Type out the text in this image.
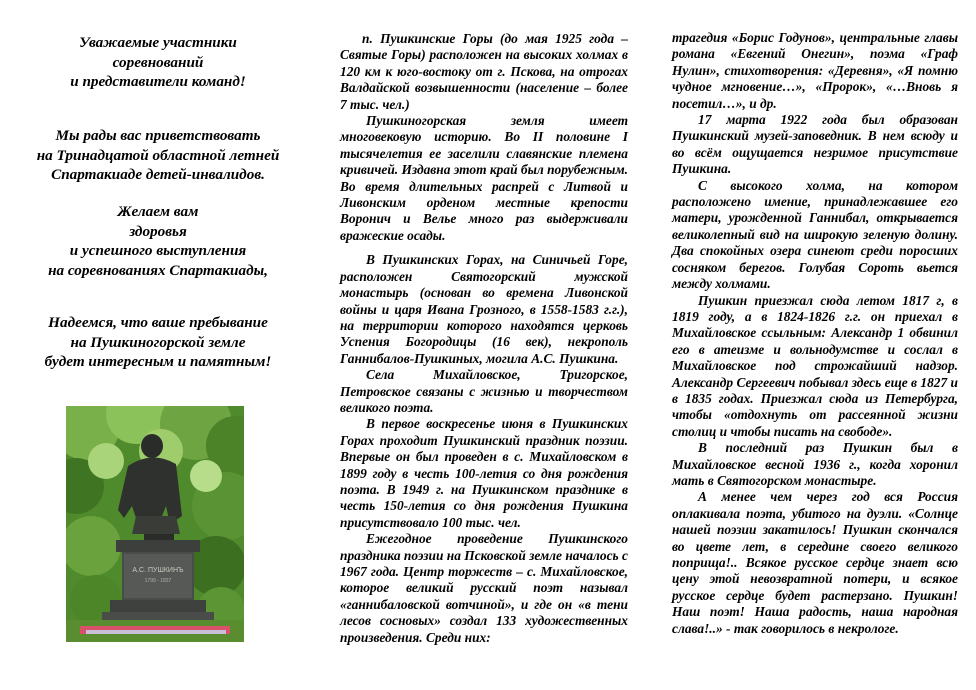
Уважаемые участники
соревнований
и представители команд!
Мы рады вас приветствовать
на Тринадцатой областной летней
Спартакиаде детей-инвалидов.
Желаем вам
здоровья
и успешного выступления
на соревнованиях Спартакиады,
Надеемся, что ваше пребывание
на Пушкиногорской земле
будет интересным и памятным!
А.С. ПУШКИНЪ
1799 - 1837

п. Пушкинские Горы (до мая 1925 года – Святые Горы) расположен на высоких холмах в 120 км к юго-востоку от г. Пскова, на отрогах Валдайской возвышенности (население – более 7 тыс. чел.)

Пушкиногорская земля имеет многовековую историю. Во II половине I тысячелетия ее заселили славянские племена кривичей. Издавна этот край был порубежным. Во время длительных распрей с Литвой и Ливонским орденом местные крепости Воронич и Велье много раз выдерживали вражеские осады.

В Пушкинских Горах, на Синичьей Горе, расположен Святогорский мужской монастырь (основан во времена Ливонской войны и царя Ивана Грозного, в 1558-1583 г.г.), на территории которого находятся церковь Успения Богородицы (16 век), некрополь Ганнибалов-Пушкиных, могила А.С. Пушкина.

Села Михайловское, Тригорское, Петровское связаны с жизнью и творчеством великого поэта.

В первое воскресенье июня в Пушкинских Горах проходит Пушкинский праздник поэзии. Впервые он был проведен в с. Михайловском в 1899 году в честь 100-летия со дня рождения поэта. В 1949 г. на Пушкинском празднике в честь 150-летия со дня рождения Пушкина присутствовало 100 тыс. чел.

Ежегодное проведение Пушкинского праздника поэзии на Псковской земле началось с 1967 года. Центр торжеств – с. Михайловское, которое великий русский поэт называл «ганнибаловской вотчиной», и где он «в тени лесов сосновых» создал 133 художественных произведения. Среди них:

трагедия «Борис Годунов», центральные главы романа «Евгений Онегин», поэма «Граф Нулин», стихотворения: «Деревня», «Я помню чудное мгновение…», «Пророк», «…Вновь я посетил…», и др.

17 марта 1922 года был образован Пушкинский музей-заповедник. В нем всюду и во всём ощущается незримое присутствие Пушкина.

С высокого холма, на котором расположено имение, принадлежавшее его матери, урожденной Ганнибал, открывается великолепный вид на широкую зеленую долину. Два спокойных озера синеют среди поросших сосняком берегов. Голубая Сороть вьется между холмами.

Пушкин приезжал сюда летом 1817 г, в 1819 году, а в 1824-1826 г.г. он приехал в Михайловское ссыльным: Александр 1 обвинил его в атеизме и вольнодумстве и сослал в Михайловское под строжайший надзор. Александр Сергеевич побывал здесь еще в 1827 и в 1835 годах. Приезжал сюда из Петербурга, чтобы «отдохнуть от рассеянной жизни столиц и чтобы писать на свободе».

В последний раз Пушкин был в Михайловское весной 1936 г., когда хоронил мать в Святогорском монастыре.

А менее чем через год вся Россия оплакивала поэта, убитого на дуэли. «Солнце нашей поэзии закатилось! Пушкин скончался во цвете лет, в середине своего великого поприща!.. Всякое русское сердце знает всю цену этой невозвратной потери, и всякое русское сердце будет растерзано. Пушкин! Наш поэт! Наша радость, наша народная слава!..» - так говорилось в некрологе.
